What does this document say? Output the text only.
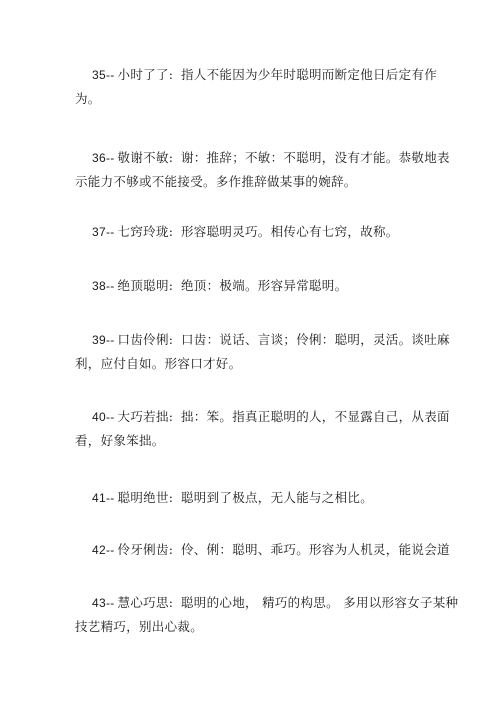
35-- 小时了了: 指人不能因为少年时聪明而断定他日后定有作
为。
36-- 敬谢不敏: 谢：推辞；不敏：不聪明，没有才能。恭敬地表
示能力不够或不能接受。多作推辞做某事的婉辞。
37-- 七窍玲珑: 形容聪明灵巧。相传心有七窍，故称。
38-- 绝顶聪明: 绝顶：极端。形容异常聪明。
39-- 口齿伶俐: 口齿：说话、言谈；伶俐：聪明，灵活。谈吐麻
利，应付自如。形容口才好。
40-- 大巧若拙: 拙：笨。指真正聪明的人，不显露自己，从表面
看，好象笨拙。
41-- 聪明绝世: 聪明到了极点，无人能与之相比。
42-- 伶牙俐齿: 伶、俐：聪明、乖巧。形容为人机灵，能说会道
43-- 慧心巧思: 聪明的心地， 精巧的构思。 多用以形容女子某种
技艺精巧，别出心裁。
